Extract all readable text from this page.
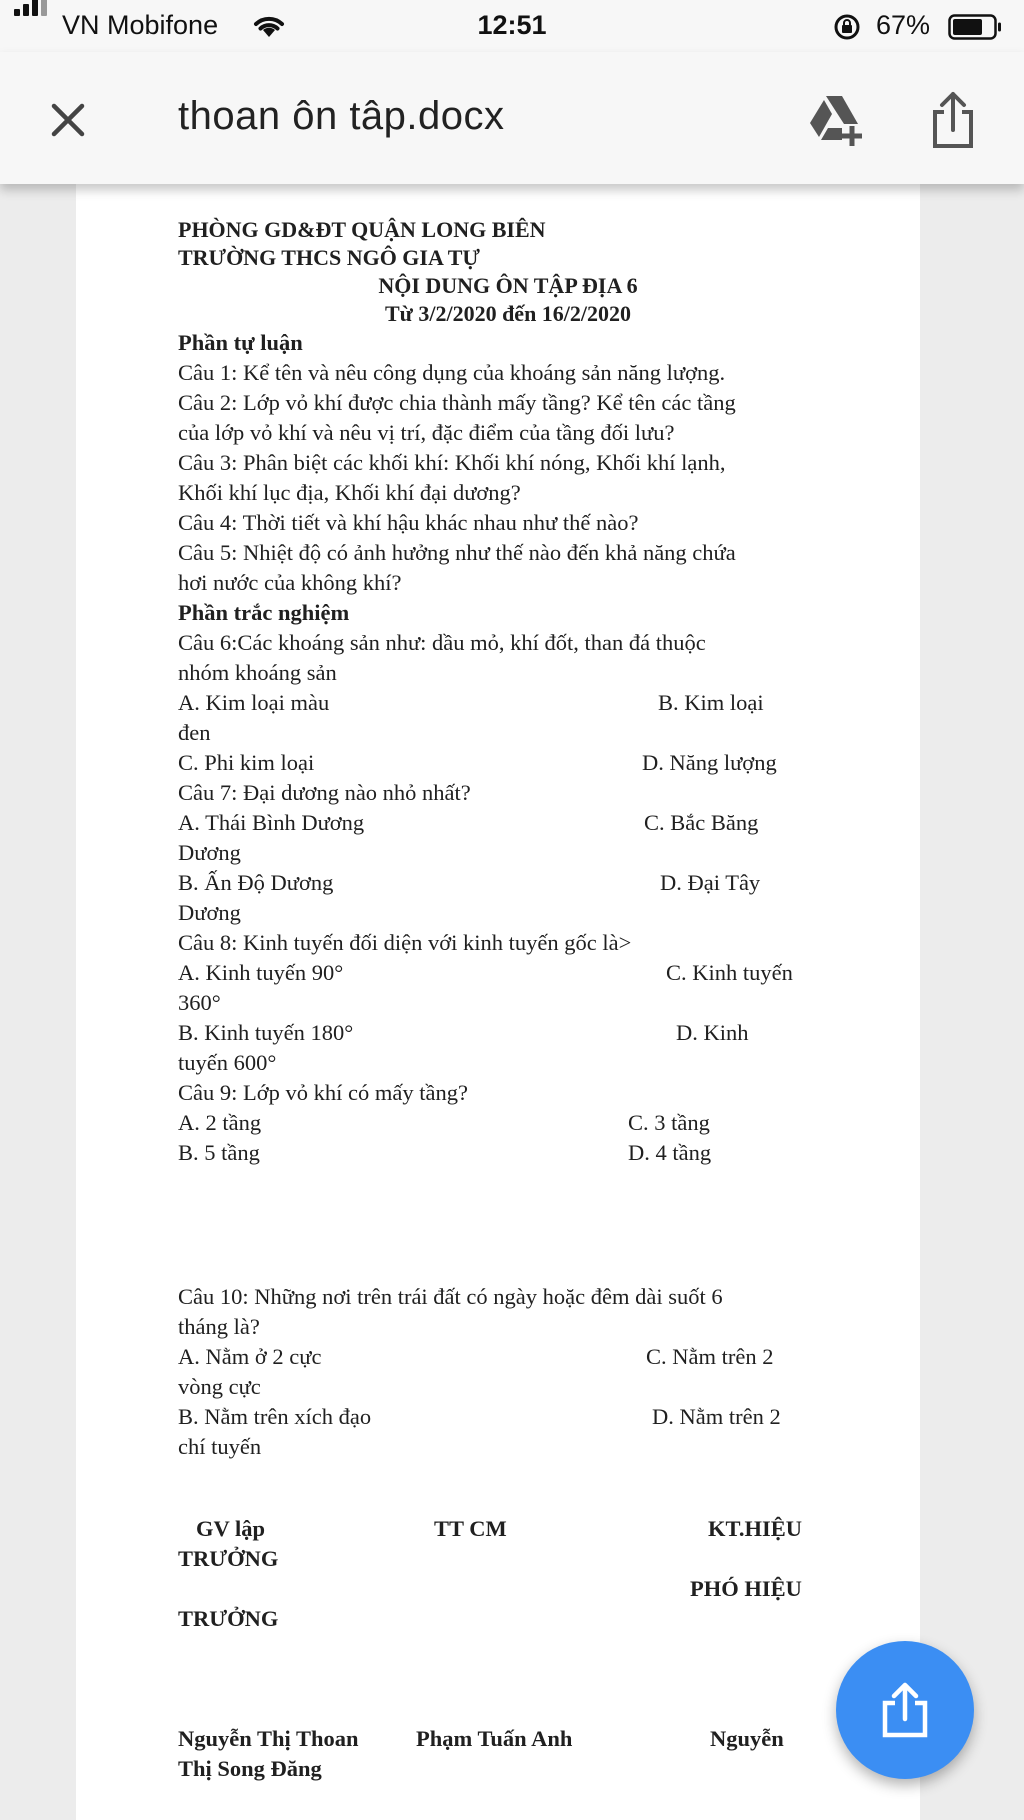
VN Mobifone	12:51	67%
thoan ôn tâp.docx
PHÒNG GD&ĐT QUẬN LONG BIÊN
TRƯỜNG THCS NGÔ GIA TỰ
NỘI DUNG ÔN TẬP ĐỊA 6
Từ 3/2/2020 đến 16/2/2020
Phần tự luận
Câu 1: Kể tên và nêu công dụng của khoáng sản năng lượng.
Câu 2: Lớp vỏ khí được chia thành mấy tầng? Kể tên các tầng
của lớp vỏ khí và nêu vị trí, đặc điểm của tầng đối lưu?
Câu 3: Phân biệt các khối khí: Khối khí nóng, Khối khí lạnh,
Khối khí lục địa, Khối khí đại dương?
Câu 4: Thời tiết và khí hậu khác nhau như thế nào?
Câu 5: Nhiệt độ có ảnh hưởng như thế nào đến khả năng chứa
hơi nước của không khí?
Phần trắc nghiệm
Câu 6:Các khoáng sản như: dầu mỏ, khí đốt, than đá thuộc
nhóm khoáng sản
A. Kim loại màu	B. Kim loại
đen
C. Phi kim loại	D. Năng lượng
Câu 7: Đại dương nào nhỏ nhất?
A. Thái Bình Dương	C. Bắc Băng
Dương
B. Ấn Độ Dương	D. Đại Tây
Dương
Câu 8: Kinh tuyến đối diện với kinh tuyến gốc là>
A. Kinh tuyến 90°	C. Kinh tuyến
360°
B. Kinh tuyến 180°	D. Kinh
tuyến 600°
Câu 9: Lớp vỏ khí có mấy tầng?
A. 2 tầng	C. 3 tầng
B. 5 tầng	D. 4 tầng
Câu 10: Những nơi trên trái đất có ngày hoặc đêm dài suốt 6
tháng là?
A. Nằm ở 2 cực	C. Nằm trên 2
vòng cực
B. Nằm trên xích đạo	D. Nằm trên 2
chí tuyến
GV lập	TT CM	KT.HIỆU
TRƯỞNG
PHÓ HIỆU
TRƯỞNG
Nguyễn Thị Thoan	Phạm Tuấn Anh	Nguyễn
Thị Song Đăng
